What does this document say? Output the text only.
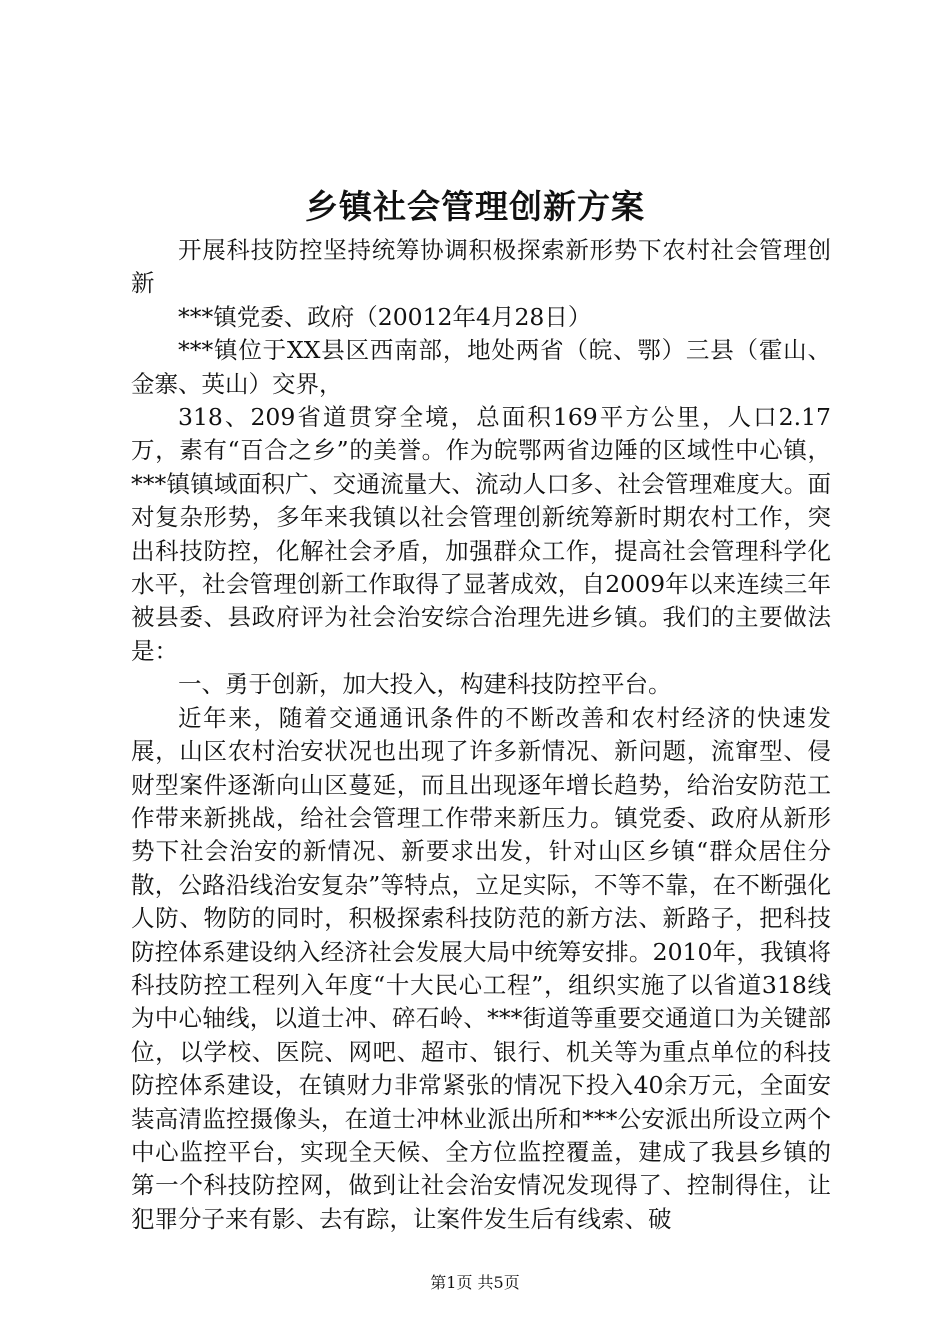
乡镇社会管理创新方案

开展科技防控坚持统筹协调积极探索新形势下农村社会管理创新

***镇党委、政府（20012年4月28日）

***镇位于XX县区西南部，地处两省（皖、鄂）三县（霍山、金寨、英山）交界，

318、209省道贯穿全境，总面积169平方公里，人口2.17万，素有“百合之乡”的美誉。作为皖鄂两省边陲的区域性中心镇，***镇镇域面积广、交通流量大、流动人口多、社会管理难度大。面对复杂形势，多年来我镇以社会管理创新统筹新时期农村工作，突出科技防控，化解社会矛盾，加强群众工作，提高社会管理科学化水平，社会管理创新工作取得了显著成效，自2009年以来连续三年被县委、县政府评为社会治安综合治理先进乡镇。我们的主要做法是：

一、勇于创新，加大投入，构建科技防控平台。

近年来，随着交通通讯条件的不断改善和农村经济的快速发展，山区农村治安状况也出现了许多新情况、新问题，流窜型、侵财型案件逐渐向山区蔓延，而且出现逐年增长趋势，给治安防范工作带来新挑战，给社会管理工作带来新压力。镇党委、政府从新形势下社会治安的新情况、新要求出发，针对山区乡镇“群众居住分散，公路沿线治安复杂”等特点，立足实际，不等不靠，在不断强化人防、物防的同时，积极探索科技防范的新方法、新路子，把科技防控体系建设纳入经济社会发展大局中统筹安排。2010年，我镇将科技防控工程列入年度“十大民心工程”，组织实施了以省道318线为中心轴线，以道士冲、碎石岭、***街道等重要交通道口为关键部位，以学校、医院、网吧、超市、银行、机关等为重点单位的科技防控体系建设，在镇财力非常紧张的情况下投入40余万元，全面安装高清监控摄像头，在道士冲林业派出所和***公安派出所设立两个中心监控平台，实现全天候、全方位监控覆盖，建成了我县乡镇的第一个科技防控网，做到让社会治安情况发现得了、控制得住，让犯罪分子来有影、去有踪，让案件发生后有线索、破

第1页 共5页
